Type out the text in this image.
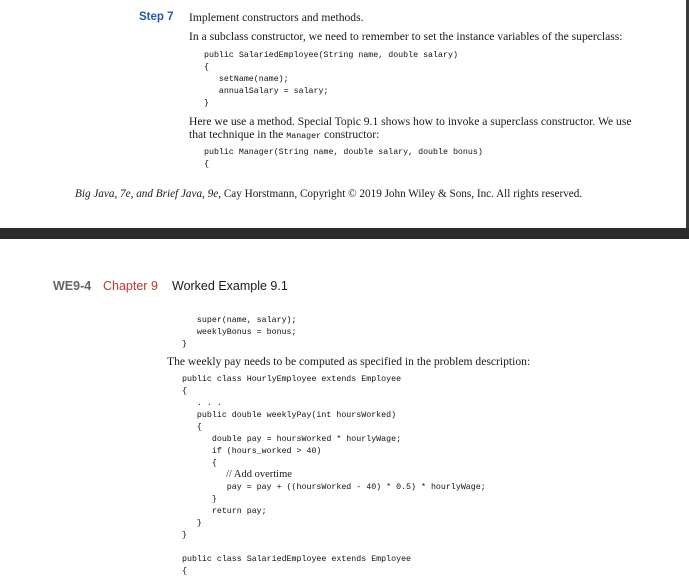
Step 7 Implement constructors and methods.
In a subclass constructor, we need to remember to set the instance variables of the superclass:
public SalariedEmployee(String name, double salary)
{
setName(name);
annualSalary = salary;
}
Here we use a method. Special Topic 9.1 shows how to invoke a superclass constructor. We use
that technique in the Manager constructor:
public Manager(String name, double salary, double bonus)
{
Big Java, 7e, and Brief Java, 9e, Cay Horstmann, Copyright © 2019 John Wiley & Sons, Inc. All rights reserved.
WE9-4 Chapter 9 Worked Example 9.1
super(name, salary);
weeklyBonus = bonus;
}
The weekly pay needs to be computed as specified in the problem description:
public class HourlyEmployee extends Employee
{
. . .
public double weeklyPay(int hoursWorked)
{
double pay = hoursWorked * hourlyWage;
if (hours_worked > 40)
{

// Add overtime
pay = pay + ((hoursWorked - 40) * 0.5) * hourlyWage;
}
return pay;
}
}
public class SalariedEmployee extends Employee
{
